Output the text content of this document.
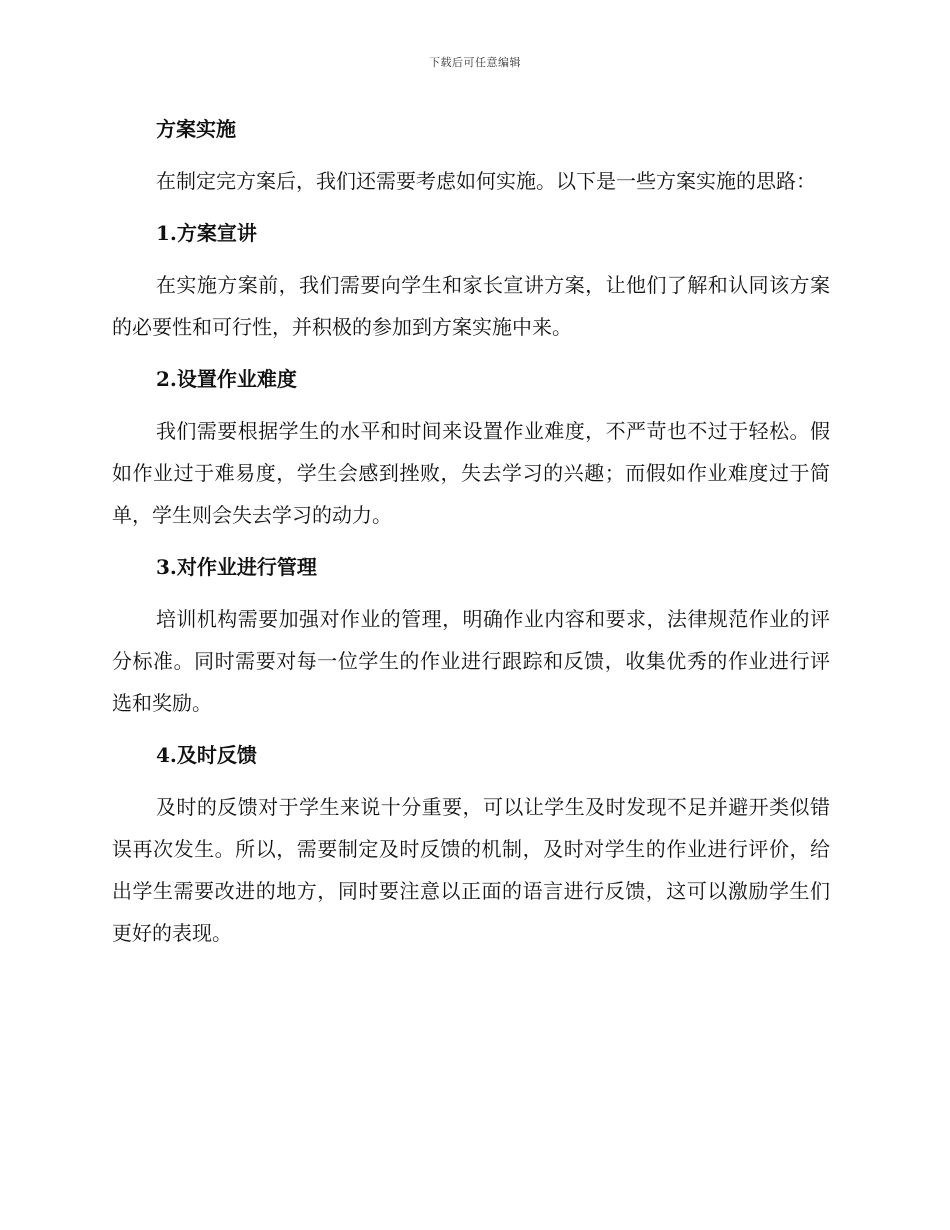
下载后可任意编辑
方案实施

在制定完方案后，我们还需要考虑如何实施。以下是一些方案实施的思路：

1.方案宣讲

在实施方案前，我们需要向学生和家长宣讲方案，让他们了解和认同该方案的必要性和可行性，并积极的参加到方案实施中来。

2.设置作业难度

我们需要根据学生的水平和时间来设置作业难度，不严苛也不过于轻松。假如作业过于难易度，学生会感到挫败，失去学习的兴趣；而假如作业难度过于简单，学生则会失去学习的动力。

3.对作业进行管理

培训机构需要加强对作业的管理，明确作业内容和要求，法律规范作业的评分标准。同时需要对每一位学生的作业进行跟踪和反馈，收集优秀的作业进行评选和奖励。

4.及时反馈

及时的反馈对于学生来说十分重要，可以让学生及时发现不足并避开类似错误再次发生。所以，需要制定及时反馈的机制，及时对学生的作业进行评价，给出学生需要改进的地方，同时要注意以正面的语言进行反馈，这可以激励学生们更好的表现。
